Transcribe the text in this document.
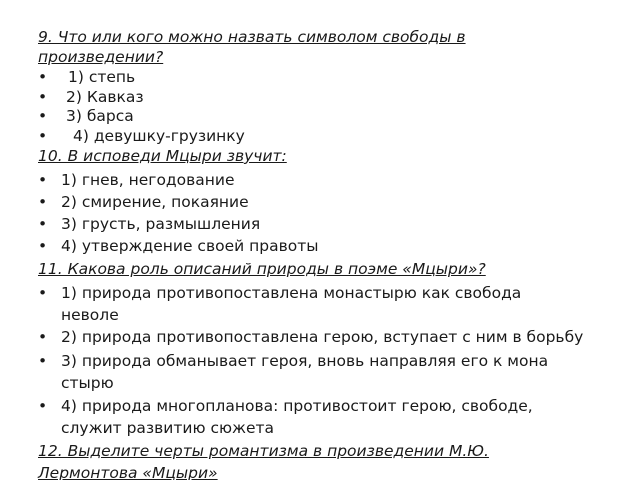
9. Что или кого можно назвать символом свободы в
произведении?
• 1) степь
• 2) Кавказ
• 3) барса
• 4) девушку-грузинку
10. В исповеди Мцыри звучит:
• 1) гнев, негодование
• 2) смирение, покаяние
• 3) грусть, размышления
• 4) утверждение своей правоты
11. Какова роль описаний природы в поэме «Мцыри»?
• 1) природа противопоставлена монастырю как свобода
неволе
• 2) природа противопоставлена герою, вступает с ним в борьбу
• 3) природа обманывает героя, вновь направляя его к мона
стырю
• 4) природа многопланова: противостоит герою, свободе,
служит развитию сюжета
12. Выделите черты романтизма в произведении М.Ю.
Лермонтова «Мцыри»
